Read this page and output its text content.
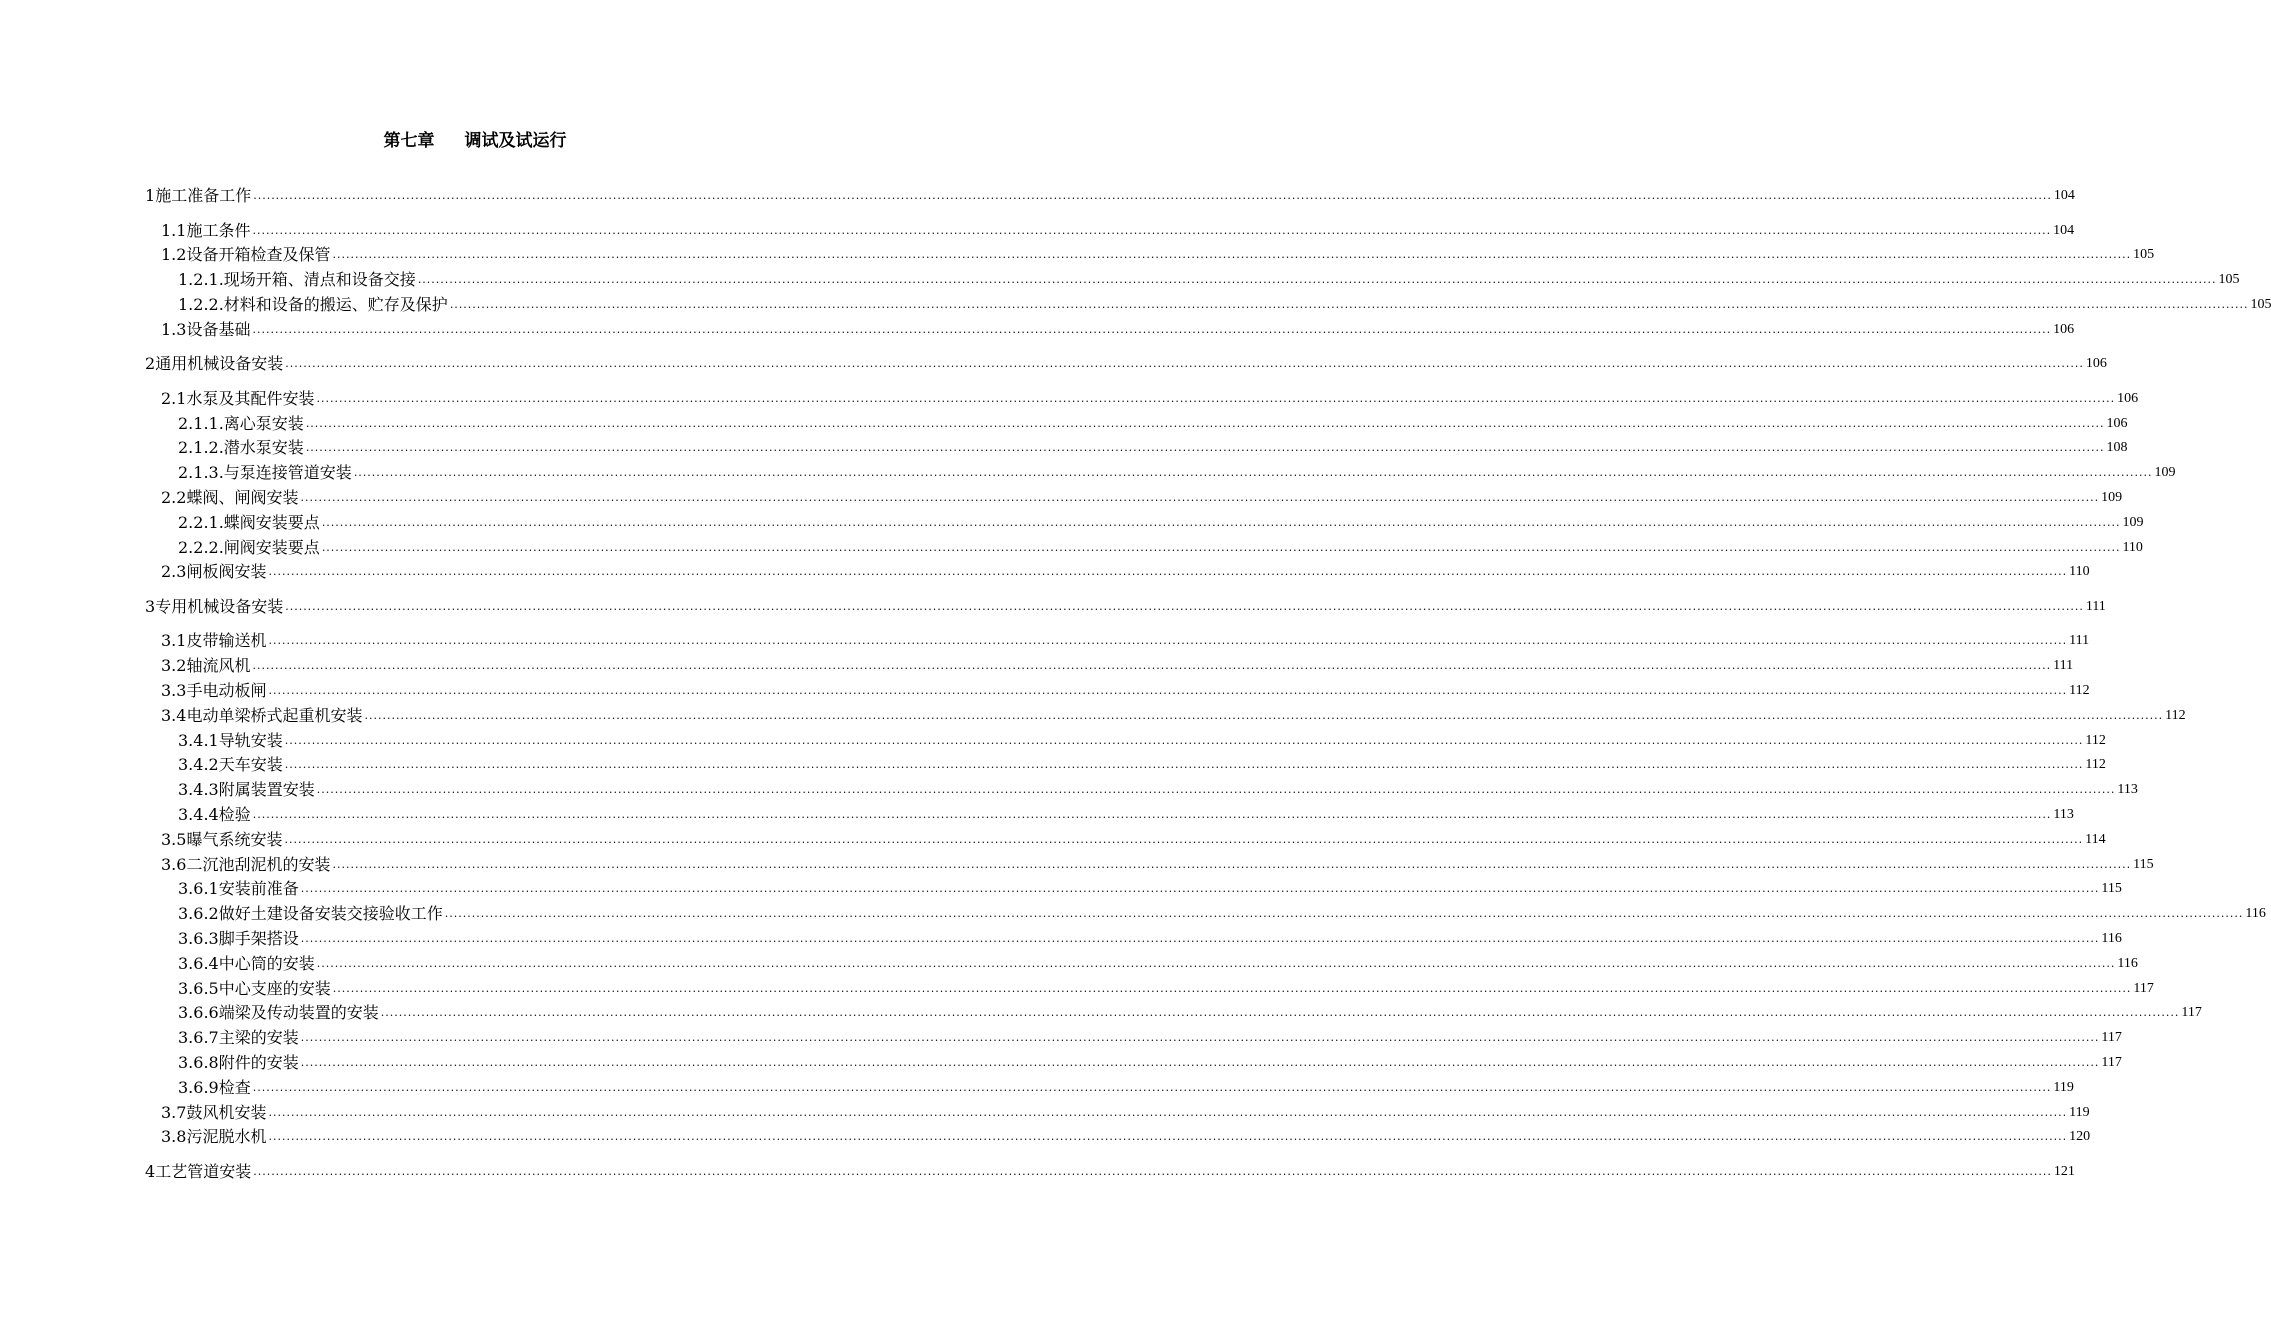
第七章 调试及试运行
1 施工准备工作 ................................................................................................................................................................................................................................................................................................................................................................................................................ 104
1.1 施工条件 ................................................................................................................................................................................................................................................................................................................................................................................................................ 104
1.2 设备开箱检查及保管 ................................................................................................................................................................................................................................................................................................................................................................................................................ 105
1.2.1. 现场开箱、清点和设备交接 ................................................................................................................................................................................................................................................................................................................................................................................................................ 105
1.2.2. 材料和设备的搬运、贮存及保护 ................................................................................................................................................................................................................................................................................................................................................................................................................ 105
1.3 设备基础 ................................................................................................................................................................................................................................................................................................................................................................................................................ 106
2 通用机械设备安装 ................................................................................................................................................................................................................................................................................................................................................................................................................ 106
2.1 水泵及其配件安装 ................................................................................................................................................................................................................................................................................................................................................................................................................ 106
2.1.1. 离心泵安装 ................................................................................................................................................................................................................................................................................................................................................................................................................ 106
2.1.2. 潜水泵安装 ................................................................................................................................................................................................................................................................................................................................................................................................................ 108
2.1.3. 与泵连接管道安装 ................................................................................................................................................................................................................................................................................................................................................................................................................ 109
2.2 蝶阀、闸阀安装 ................................................................................................................................................................................................................................................................................................................................................................................................................ 109
2.2.1. 蝶阀安装要点 ................................................................................................................................................................................................................................................................................................................................................................................................................ 109
2.2.2. 闸阀安装要点 ................................................................................................................................................................................................................................................................................................................................................................................................................ 110
2.3 闸板阀安装 ................................................................................................................................................................................................................................................................................................................................................................................................................ 110
3 专用机械设备安装 ................................................................................................................................................................................................................................................................................................................................................................................................................ 111
3.1 皮带输送机 ................................................................................................................................................................................................................................................................................................................................................................................................................ 111
3.2 轴流风机 ................................................................................................................................................................................................................................................................................................................................................................................................................ 111
3.3 手电动板闸 ................................................................................................................................................................................................................................................................................................................................................................................................................ 112
3.4 电动单梁桥式起重机安装 ................................................................................................................................................................................................................................................................................................................................................................................................................ 112
3.4.1 导轨安装 ................................................................................................................................................................................................................................................................................................................................................................................................................ 112
3.4.2 天车安装 ................................................................................................................................................................................................................................................................................................................................................................................................................ 112
3.4.3 附属装置安装 ................................................................................................................................................................................................................................................................................................................................................................................................................ 113
3.4.4 检验 ................................................................................................................................................................................................................................................................................................................................................................................................................ 113
3.5 曝气系统安装 ................................................................................................................................................................................................................................................................................................................................................................................................................ 114
3.6 二沉池刮泥机的安装 ................................................................................................................................................................................................................................................................................................................................................................................................................ 115
3.6.1 安装前准备 ................................................................................................................................................................................................................................................................................................................................................................................................................ 115
3.6.2 做好土建设备安装交接验收工作 ................................................................................................................................................................................................................................................................................................................................................................................................................ 116
3.6.3 脚手架搭设 ................................................................................................................................................................................................................................................................................................................................................................................................................ 116
3.6.4 中心筒的安装 ................................................................................................................................................................................................................................................................................................................................................................................................................ 116
3.6.5 中心支座的安装 ................................................................................................................................................................................................................................................................................................................................................................................................................ 117
3.6.6 端梁及传动装置的安装 ................................................................................................................................................................................................................................................................................................................................................................................................................ 117
3.6.7 主梁的安装 ................................................................................................................................................................................................................................................................................................................................................................................................................ 117
3.6.8 附件的安装 ................................................................................................................................................................................................................................................................................................................................................................................................................ 117
3.6.9 检查 ................................................................................................................................................................................................................................................................................................................................................................................................................ 119
3.7 鼓风机安装 ................................................................................................................................................................................................................................................................................................................................................................................................................ 119
3.8 污泥脱水机 ................................................................................................................................................................................................................................................................................................................................................................................................................ 120
4 工艺管道安装 ................................................................................................................................................................................................................................................................................................................................................................................................................ 121
